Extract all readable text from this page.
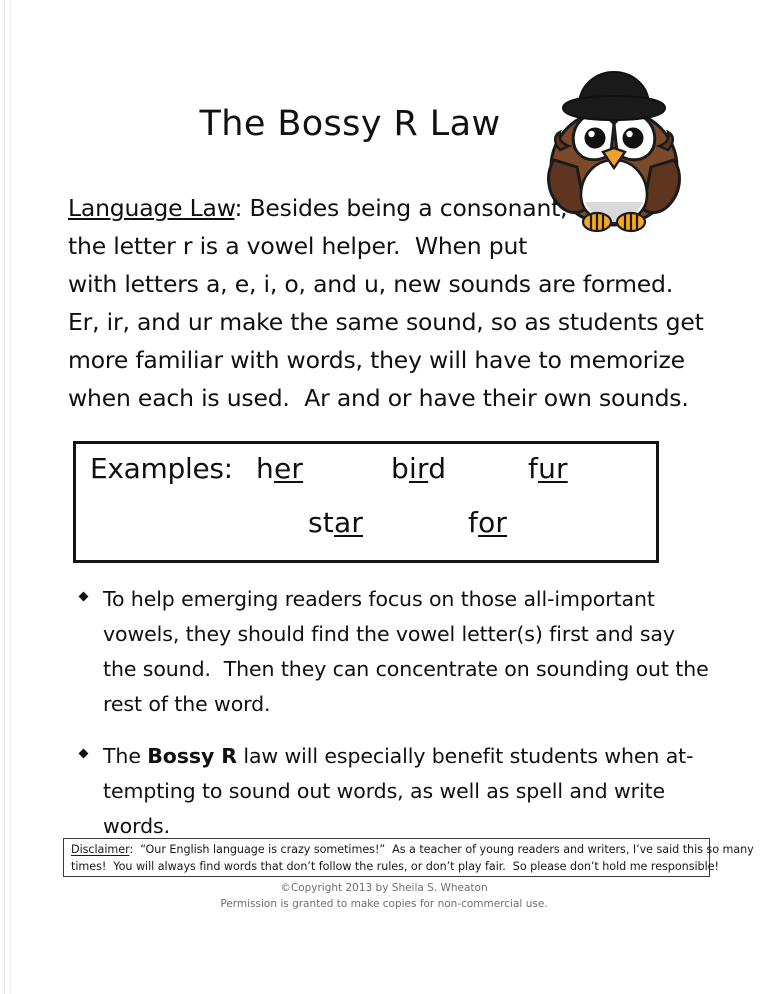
The Bossy R Law
Language Law: Besides being a consonant,
the letter r is a vowel helper.  When put
with letters a, e, i, o, and u, new sounds are formed.
Er, ir, and ur make the same sound, so as students get
more familiar with words, they will have to memorize
when each is used.  Ar and or have their own sounds.
Examples: her	bird	fur
star	for
To help emerging readers focus on those all-important
vowels, they should find the vowel letter(s) first and say
the sound.  Then they can concentrate on sounding out the
rest of the word.
The Bossy R law will especially benefit students when at-
tempting to sound out words, as well as spell and write
words.
Disclaimer:  “Our English language is crazy sometimes!”  As a teacher of young readers and writers, I’ve said this so many
times!  You will always find words that don’t follow the rules, or don’t play fair.  So please don’t hold me responsible!
©Copyright 2013 by Sheila S. Wheaton
Permission is granted to make copies for non-commercial use.
